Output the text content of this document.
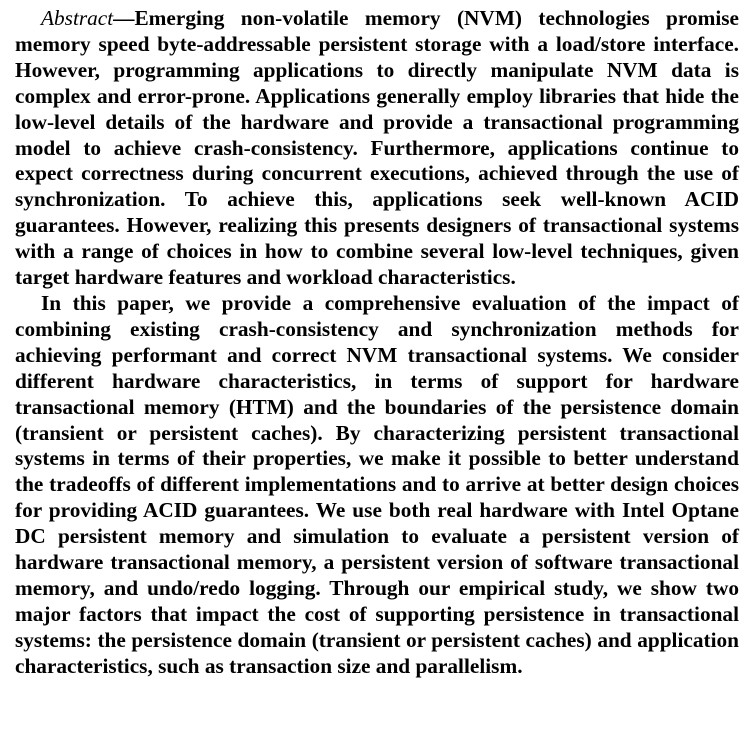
Abstract—Emerging non-volatile memory (NVM) technologies promise memory speed byte-addressable persistent storage with a load/store interface. However, programming applications to directly manipulate NVM data is complex and error-prone. Applications generally employ libraries that hide the low-level details of the hardware and provide a transactional programming model to achieve crash-consistency. Furthermore, applications continue to expect correctness during concurrent executions, achieved through the use of synchronization. To achieve this, applications seek well-known ACID guarantees. However, realizing this presents designers of transactional systems with a range of choices in how to combine several low-level techniques, given target hardware features and workload characteristics.

In this paper, we provide a comprehensive evaluation of the impact of combining existing crash-consistency and synchronization methods for achieving performant and correct NVM transactional systems. We consider different hardware characteristics, in terms of support for hardware transactional memory (HTM) and the boundaries of the persistence domain (transient or persistent caches). By characterizing persistent transactional systems in terms of their properties, we make it possible to better understand the tradeoffs of different implementations and to arrive at better design choices for providing ACID guarantees. We use both real hardware with Intel Optane DC persistent memory and simulation to evaluate a persistent version of hardware transactional memory, a persistent version of software transactional memory, and undo/redo logging. Through our empirical study, we show two major factors that impact the cost of supporting persistence in transactional systems: the persistence domain (transient or persistent caches) and application characteristics, such as transaction size and parallelism.
